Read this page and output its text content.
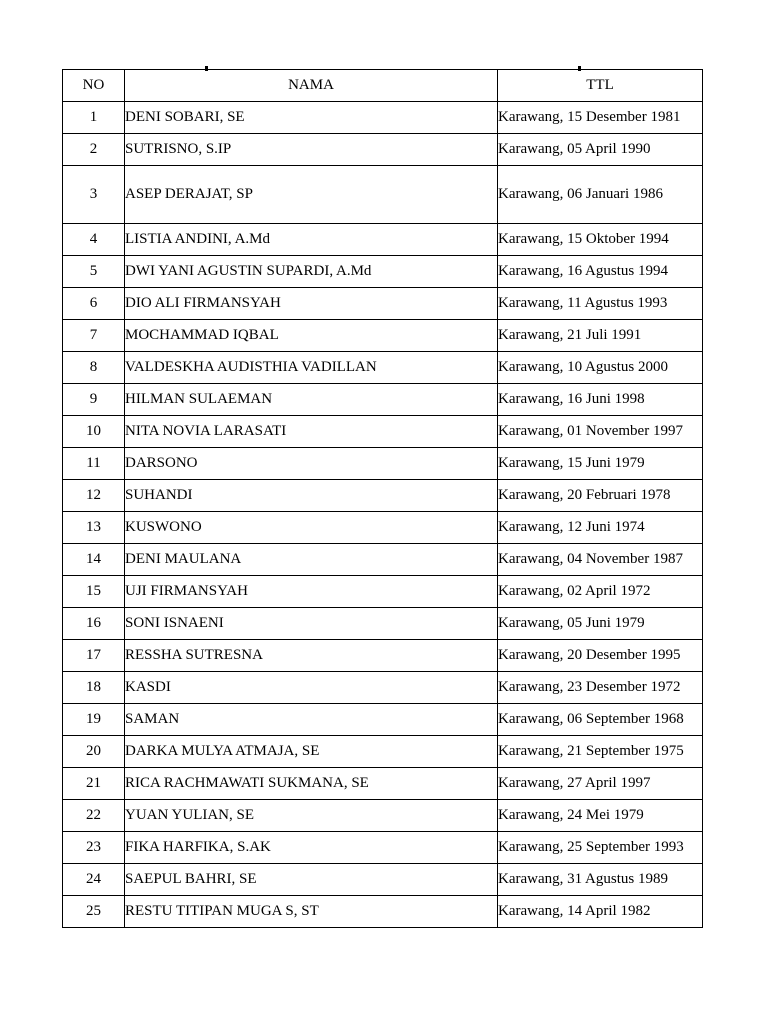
NO	NAMA	TTL
1	DENI SOBARI, SE	Karawang, 15 Desember 1981
2	SUTRISNO, S.IP	Karawang, 05 April 1990
3	ASEP DERAJAT, SP	Karawang, 06 Januari 1986
4	LISTIA ANDINI, A.Md	Karawang, 15 Oktober 1994
5	DWI YANI AGUSTIN SUPARDI, A.Md	Karawang, 16 Agustus 1994
6	DIO ALI FIRMANSYAH	Karawang, 11 Agustus 1993
7	MOCHAMMAD IQBAL	Karawang, 21 Juli 1991
8	VALDESKHA AUDISTHIA VADILLAN	Karawang, 10 Agustus 2000
9	HILMAN SULAEMAN	Karawang, 16 Juni 1998
10	NITA NOVIA LARASATI	Karawang, 01 November 1997
11	DARSONO	Karawang, 15 Juni 1979
12	SUHANDI	Karawang, 20 Februari 1978
13	KUSWONO	Karawang, 12 Juni 1974
14	DENI MAULANA	Karawang, 04 November 1987
15	UJI FIRMANSYAH	Karawang, 02 April 1972
16	SONI ISNAENI	Karawang, 05 Juni 1979
17	RESSHA SUTRESNA	Karawang, 20 Desember 1995
18	KASDI	Karawang, 23 Desember 1972
19	SAMAN	Karawang, 06 September 1968
20	DARKA MULYA ATMAJA, SE	Karawang, 21 September 1975
21	RICA RACHMAWATI SUKMANA, SE	Karawang, 27 April 1997
22	YUAN YULIAN, SE	Karawang, 24 Mei 1979
23	FIKA HARFIKA, S.AK	Karawang, 25 September 1993
24	SAEPUL BAHRI, SE	Karawang, 31 Agustus 1989
25	RESTU TITIPAN MUGA S, ST	Karawang, 14 April 1982
